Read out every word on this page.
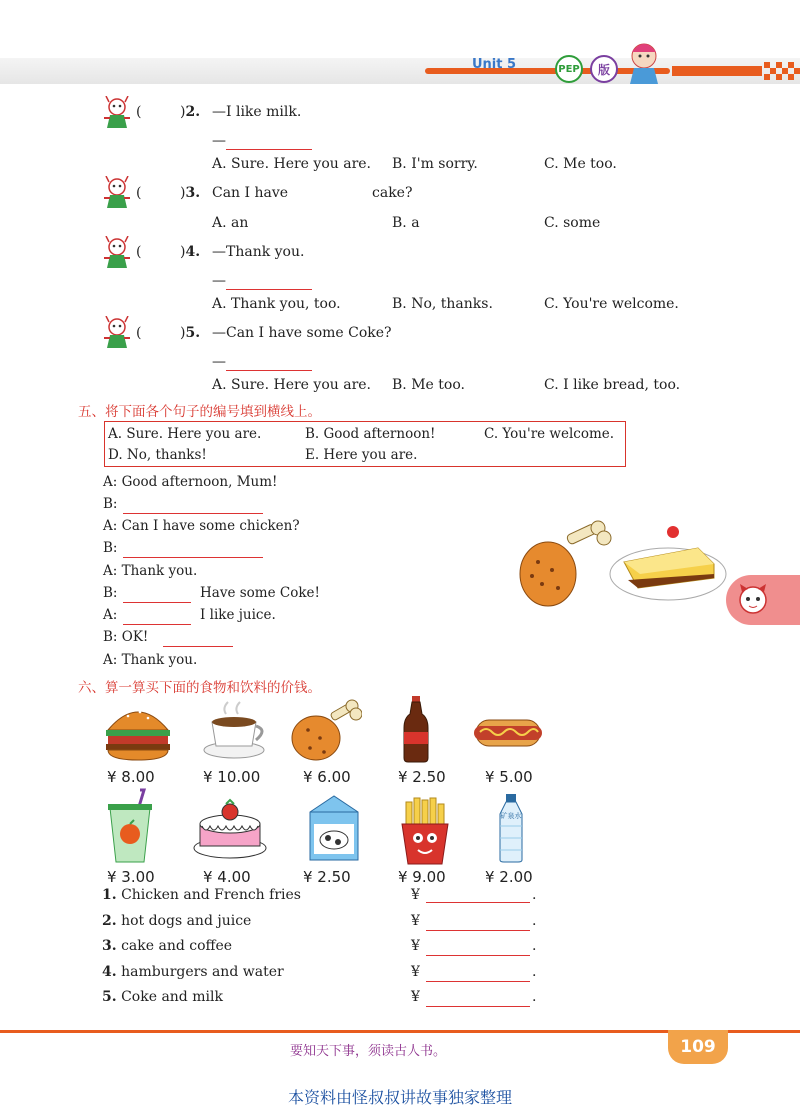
Unit 5	PEP	版
(	)2. —I like milk.
—
A. Sure. Here you are. B. I'm sorry.	C. Me too.
(	)3. Can I have	cake?
A. an	B. a	C. some
(	)4. —Thank you.
—
A. Thank you, too.	B. No, thanks.	C. You're welcome.
(	)5. —Can I have some Coke?
—
A. Sure. Here you are. B. Me too.	C. I like bread, too.
五、将下面各个句子的编号填到横线上。
A. Sure. Here you are.	B. Good afternoon!	C. You're welcome.
D. No, thanks!	E. Here you are.
A: Good afternoon, Mum!
B:
A: Can I have some chicken?
B:
A: Thank you.
B:	Have some Coke!
A:	I like juice.
B: OK!
A: Thank you.
六、算一算买下面的食物和饮料的价钱。
¥ 8.00	¥ 10.00	¥ 6.00	¥ 2.50	¥ 5.00
矿泉水
¥ 3.00	¥ 4.00	¥ 2.50	¥ 9.00	¥ 2.00
1. Chicken and French fries	¥	.
2. hot dogs and juice	¥	.
3. cake and coffee	¥	.
4. hamburgers and water	¥	.
5. Coke and milk	¥	.
要知天下事，须读古人书。	109
本资料由怪叔叔讲故事独家整理
